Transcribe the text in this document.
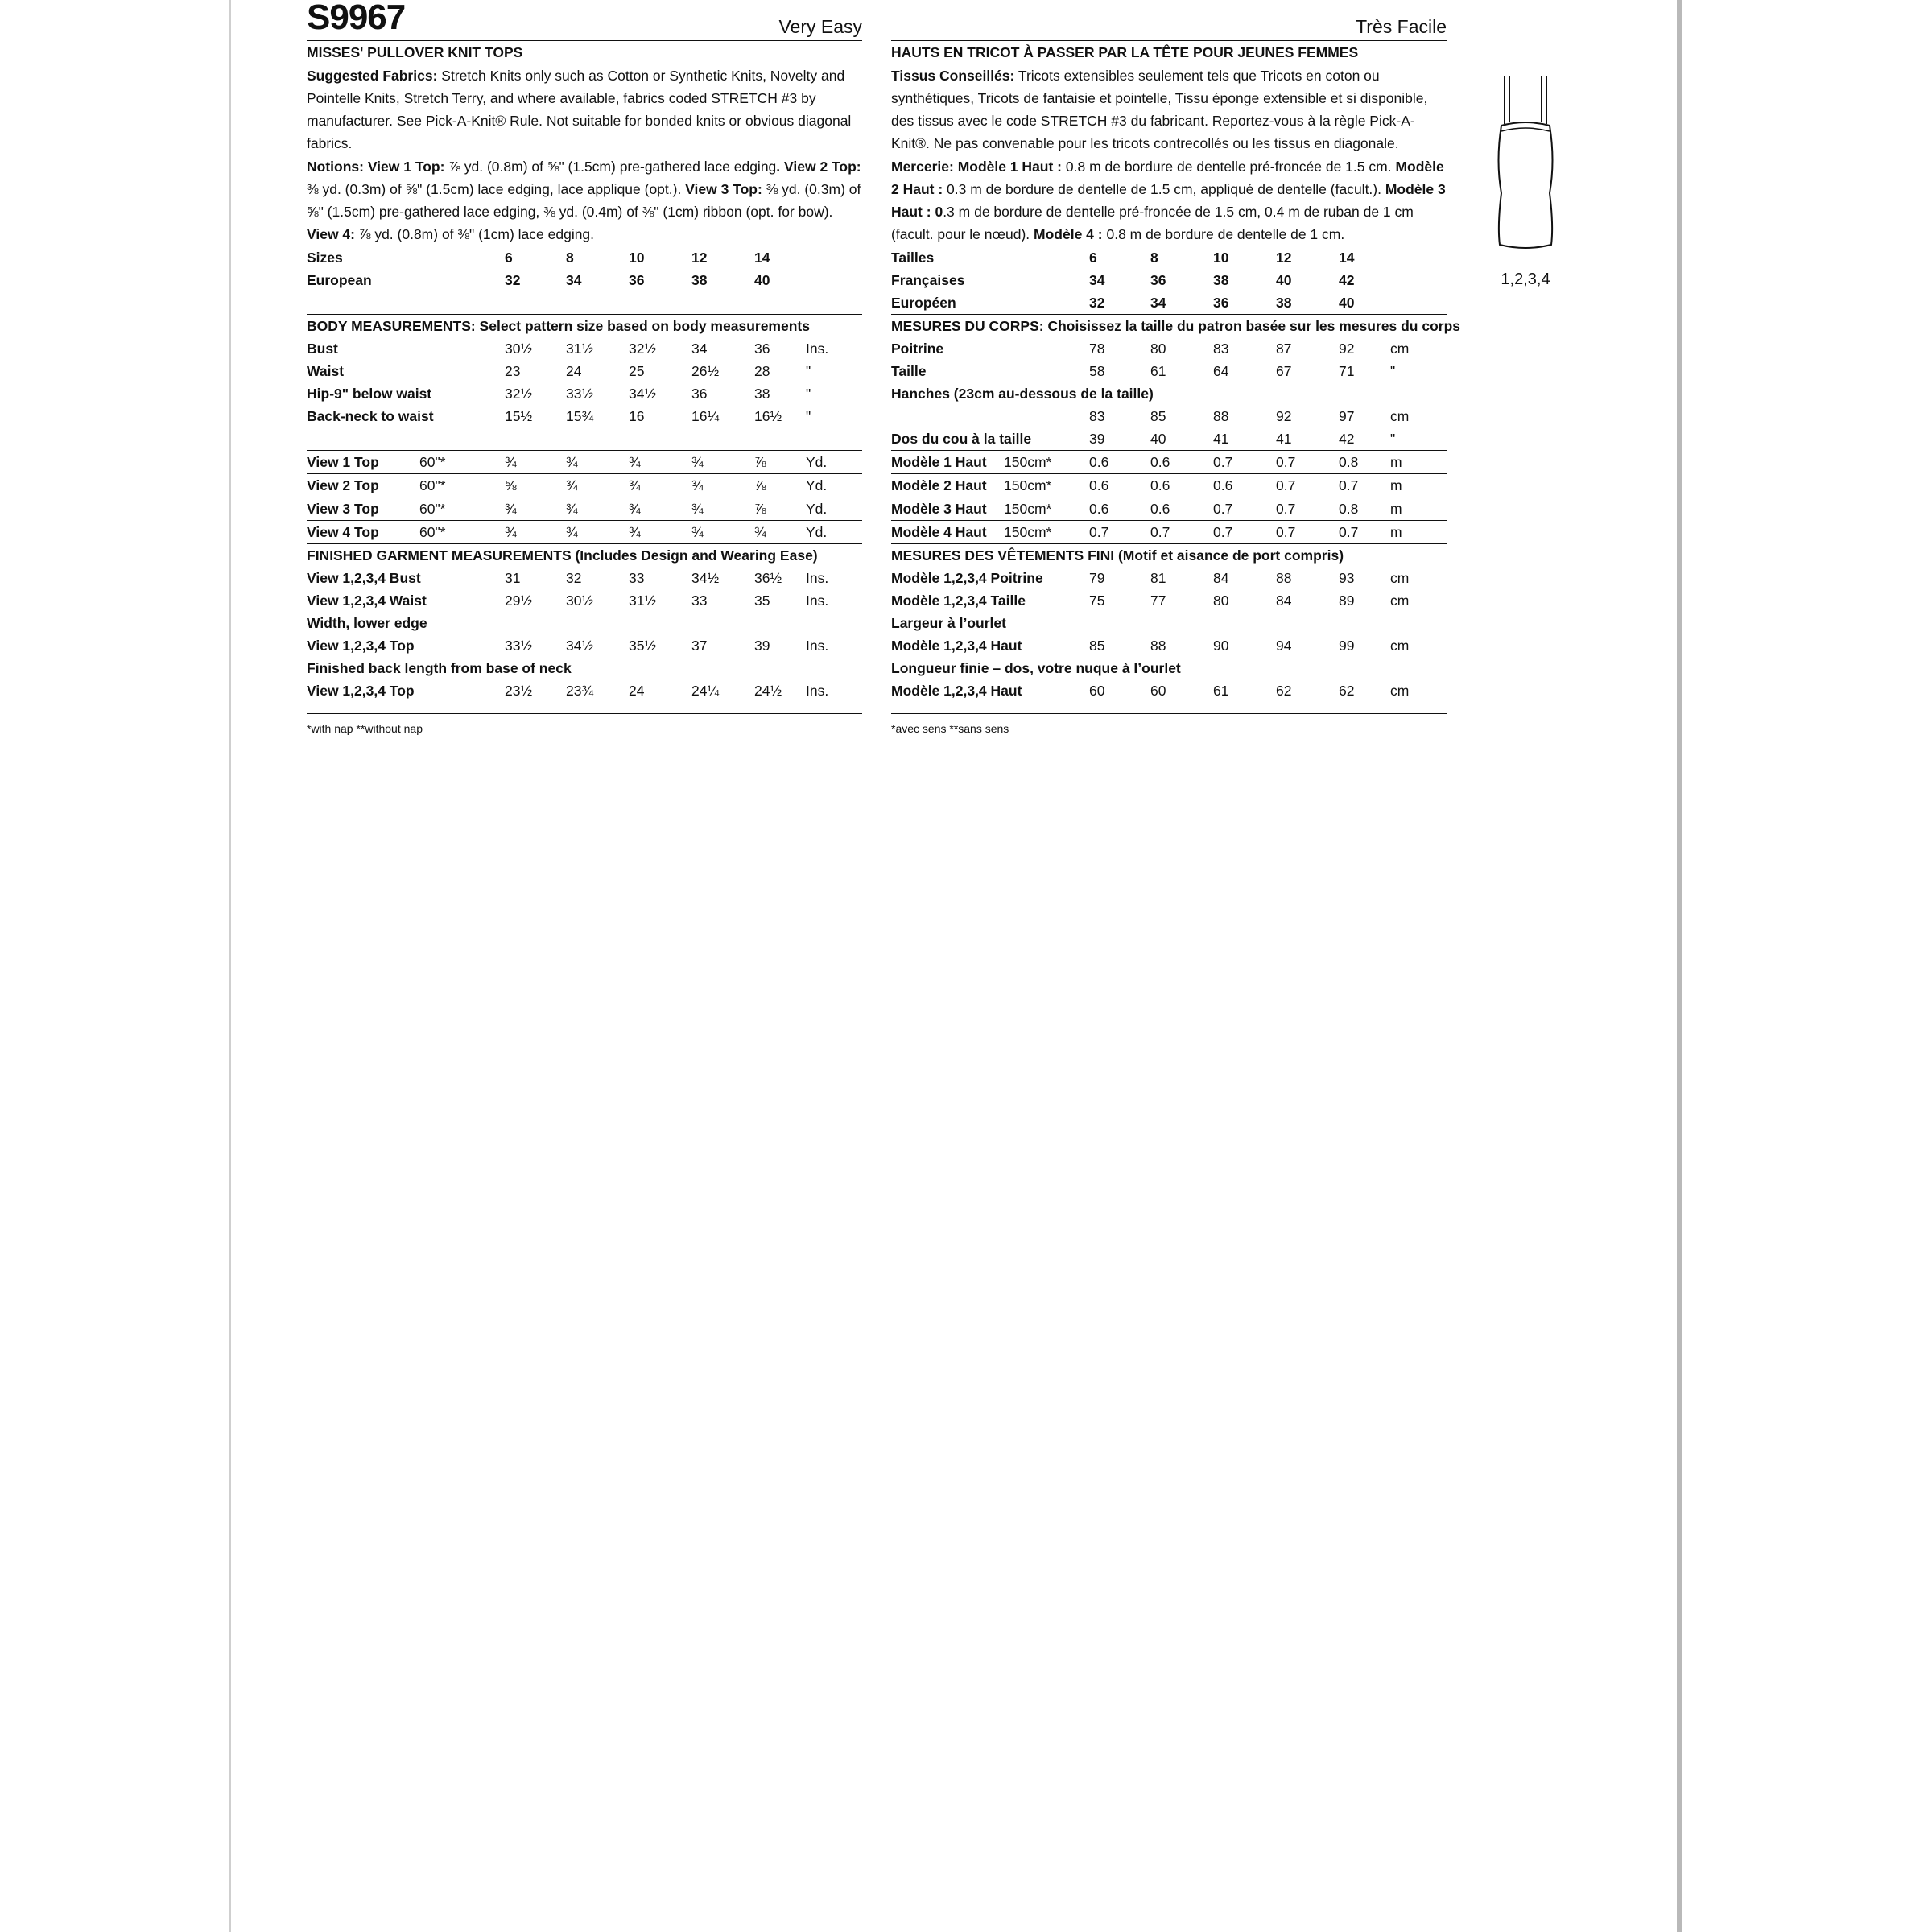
S9967	Very Easy
MISSES' PULLOVER KNIT TOPS

Suggested Fabrics: Stretch Knits only such as Cotton or Synthetic Knits, Novelty and Pointelle Knits, Stretch Terry, and where available, fabrics coded STRETCH #3 by manufacturer. See Pick-A-Knit® Rule. Not suitable for bonded knits or obvious diagonal fabrics.

Notions: View 1 Top: ⅞ yd. (0.8m) of ⅝" (1.5cm) pre-gathered lace edging. View 2 Top: ⅜ yd. (0.3m) of ⅝" (1.5cm) lace edging, lace applique (opt.). View 3 Top: ⅜ yd. (0.3m) of ⅝" (1.5cm) pre-gathered lace edging, ⅜ yd. (0.4m) of ⅜" (1cm) ribbon (opt. for bow). View 4: ⅞ yd. (0.8m) of ⅜" (1cm) lace edging.

Sizes	6	8	10	12	14	
European	32	34	36	38	40	

BODY MEASUREMENTS: Select pattern size based on body measurements						
Bust	30½	31½	32½	34	36	Ins.
Waist	23	24	25	26½	28	"
Hip-9" below waist	32½	33½	34½	36	38	"
Back-neck to waist	15½	15¾	16	16¼	16½	"

View 1 Top 60"*	¾	¾	¾	¾	⅞	Yd.
View 2 Top 60"*	⅝	¾	¾	¾	⅞	Yd.
View 3 Top 60"*	¾	¾	¾	¾	⅞	Yd.
View 4 Top 60"*	¾	¾	¾	¾	¾	Yd.
FINISHED GARMENT MEASUREMENTS (Includes Design and Wearing Ease)						
View 1,2,3,4 Bust	31	32	33	34½	36½	Ins.
View 1,2,3,4 Waist	29½	30½	31½	33	35	Ins.
Width, lower edge						
View 1,2,3,4 Top	33½	34½	35½	37	39	Ins.
Finished back length from base of neck						
View 1,2,3,4 Top	23½	23¾	24	24¼	24½	Ins.
*with nap **without nap
1,2,3,4
Très Facile
HAUTS EN TRICOT À PASSER PAR LA TÊTE POUR JEUNES FEMMES

Tissus Conseillés: Tricots extensibles seulement tels que Tricots en coton ou synthétiques, Tricots de fantaisie et pointelle, Tissu éponge extensible et si disponible, des tissus avec le code STRETCH #3 du fabricant. Reportez-vous à la règle Pick-A-Knit®. Ne pas convenable pour les tricots contrecollés ou les tissus en diagonale.

Mercerie: Modèle 1 Haut : 0.8 m de bordure de dentelle pré-froncée de 1.5 cm. Modèle 2 Haut : 0.3 m de bordure de dentelle de 1.5 cm, appliqué de dentelle (facult.). Modèle 3 Haut : 0.3 m de bordure de dentelle pré-froncée de 1.5 cm, 0.4 m de ruban de 1 cm (facult. pour le nœud). Modèle 4 : 0.8 m de bordure de dentelle de 1 cm.

Tailles	6	8	10	12	14	
Françaises	34	36	38	40	42	
Européen	32	34	36	38	40	
MESURES DU CORPS: Choisissez la taille du patron basée sur les mesures du corps						
Poitrine	78	80	83	87	92	cm
Taille	58	61	64	67	71	"
Hanches (23cm au-dessous de la taille)						
	83	85	88	92	97	cm
Dos du cou à la taille	39	40	41	41	42	"
Modèle 1 Haut 150cm*	0.6	0.6	0.7	0.7	0.8	m
Modèle 2 Haut 150cm*	0.6	0.6	0.6	0.7	0.7	m
Modèle 3 Haut 150cm*	0.6	0.6	0.7	0.7	0.8	m
Modèle 4 Haut 150cm*	0.7	0.7	0.7	0.7	0.7	m
MESURES DES VÊTEMENTS FINI (Motif et aisance de port compris)						
Modèle 1,2,3,4 Poitrine	79	81	84	88	93	cm
Modèle 1,2,3,4 Taille	75	77	80	84	89	cm
Largeur à l’ourlet						
Modèle 1,2,3,4 Haut	85	88	90	94	99	cm
Longueur finie – dos, votre nuque à l’ourlet						
Modèle 1,2,3,4 Haut	60	60	61	62	62	cm
*avec sens **sans sens
